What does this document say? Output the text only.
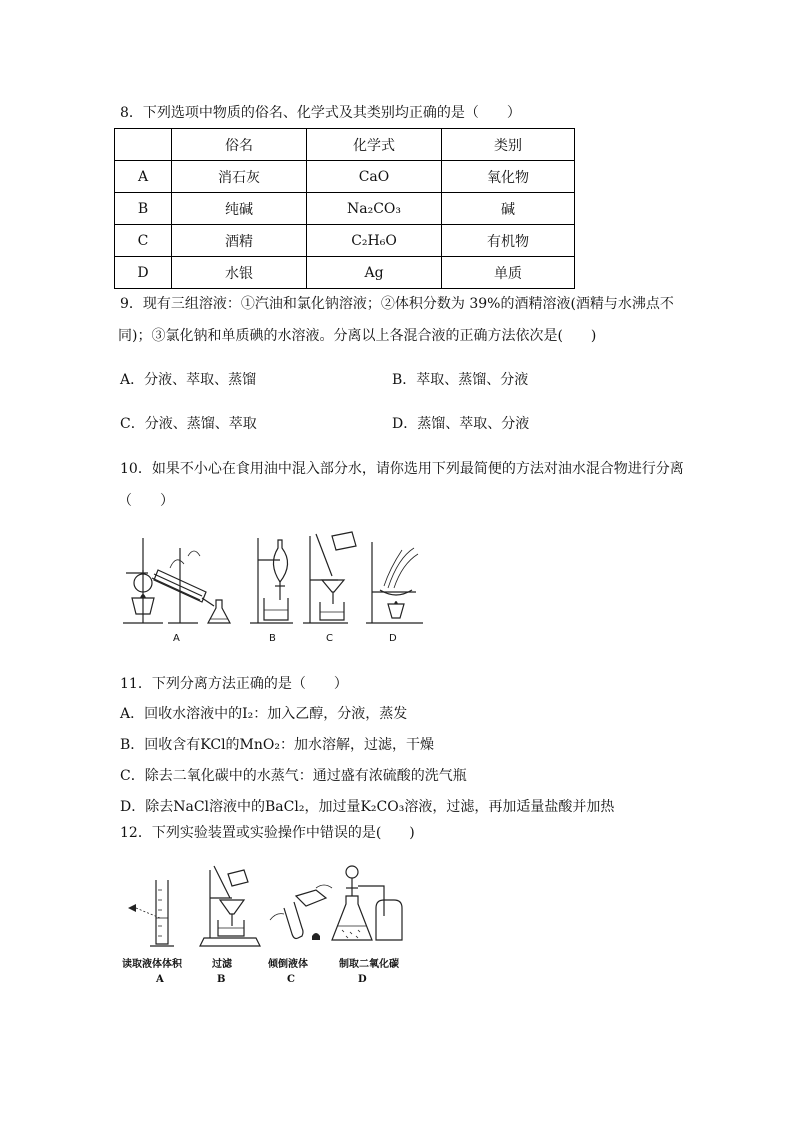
8．下列选项中物质的俗名、化学式及其类别均正确的是（　　）
	俗名	化学式	类别
A	消石灰	CaO	氧化物
B	纯碱	Na₂CO₃	碱
C	酒精	C₂H₆O	有机物
D	水银	Ag	单质
9．现有三组溶液：①汽油和氯化钠溶液；②体积分数为 39%的酒精溶液(酒精与水沸点不
同)；③氯化钠和单质碘的水溶液。分离以上各混合液的正确方法依次是(　　)
A．分液、萃取、蒸馏	B．萃取、蒸馏、分液
C．分液、蒸馏、萃取	D．蒸馏、萃取、分液
10．如果不小心在食用油中混入部分水，请你选用下列最简便的方法对油水混合物进行分离
（　　）
A	B	C	D
11．下列分离方法正确的是（　　）
A．回收水溶液中的I₂：加入乙醇，分液，蒸发
B．回收含有KCl的MnO₂：加水溶解，过滤，干燥
C．除去二氧化碳中的水蒸气：通过盛有浓硫酸的洗气瓶
D．除去NaCl溶液中的BaCl₂，加过量K₂CO₃溶液，过滤，再加适量盐酸并加热
12．下列实验装置或实验操作中错误的是(　　)
读取液体体积	过滤	倾倒液体	制取二氧化碳
A	B	C	D
